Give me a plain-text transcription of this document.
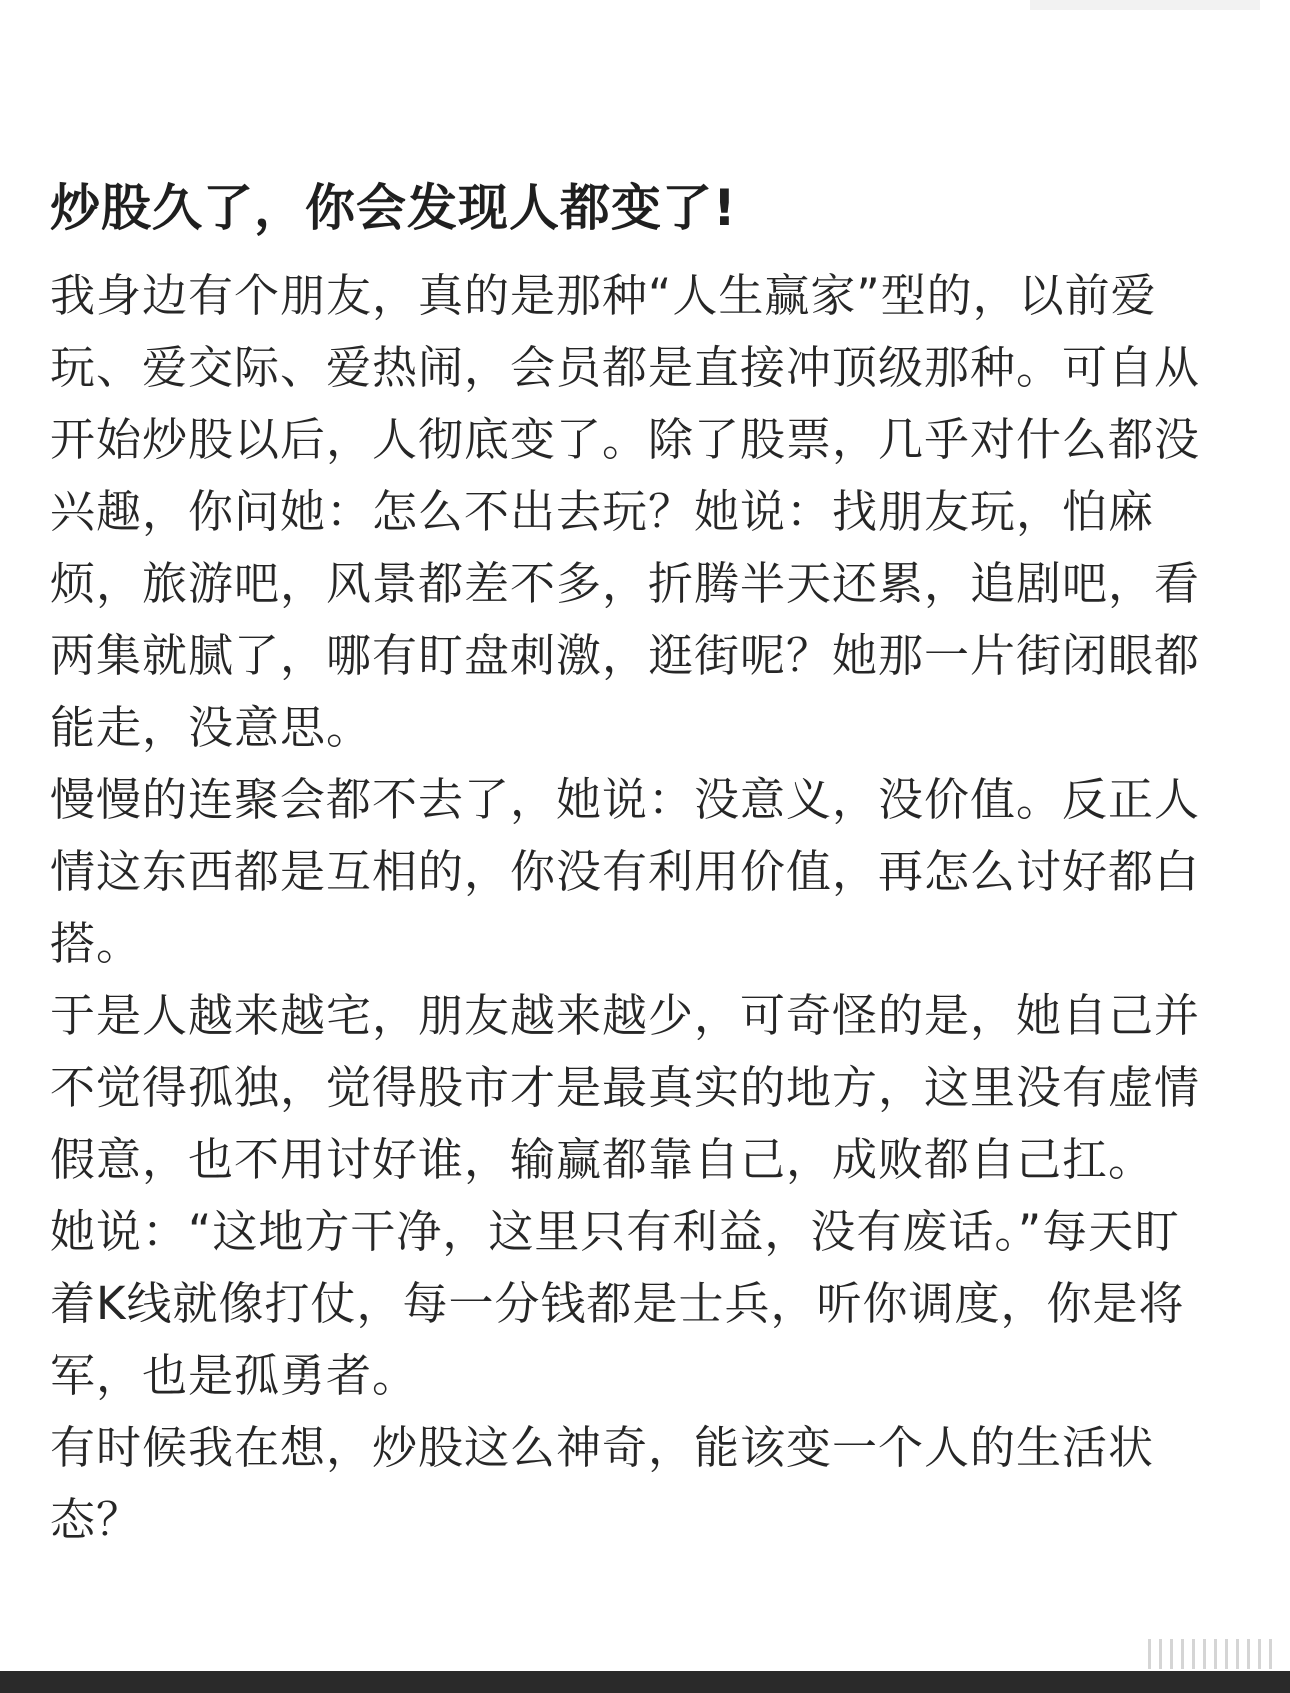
炒股久了，你会发现人都变了!

我身边有个朋友，真的是那种“人生赢家”型的，以前爱玩、爱交际、爱热闹，会员都是直接冲顶级那种。可自从开始炒股以后，人彻底变了。除了股票，几乎对什么都没兴趣，你问她：怎么不出去玩？她说：找朋友玩，怕麻烦，旅游吧，风景都差不多，折腾半天还累，追剧吧，看两集就腻了，哪有盯盘刺激，逛街呢？她那一片街闭眼都能走，没意思。

慢慢的连聚会都不去了，她说：没意义，没价值。反正人情这东西都是互相的，你没有利用价值，再怎么讨好都白搭。

于是人越来越宅，朋友越来越少，可奇怪的是，她自己并不觉得孤独，觉得股市才是最真实的地方，这里没有虚情假意，也不用讨好谁，输赢都靠自己，成败都自己扛。

她说：“这地方干净，这里只有利益，没有废话。”每天盯着K线就像打仗，每一分钱都是士兵，听你调度，你是将军，也是孤勇者。

有时候我在想，炒股这么神奇，能该变一个人的生活状态？
